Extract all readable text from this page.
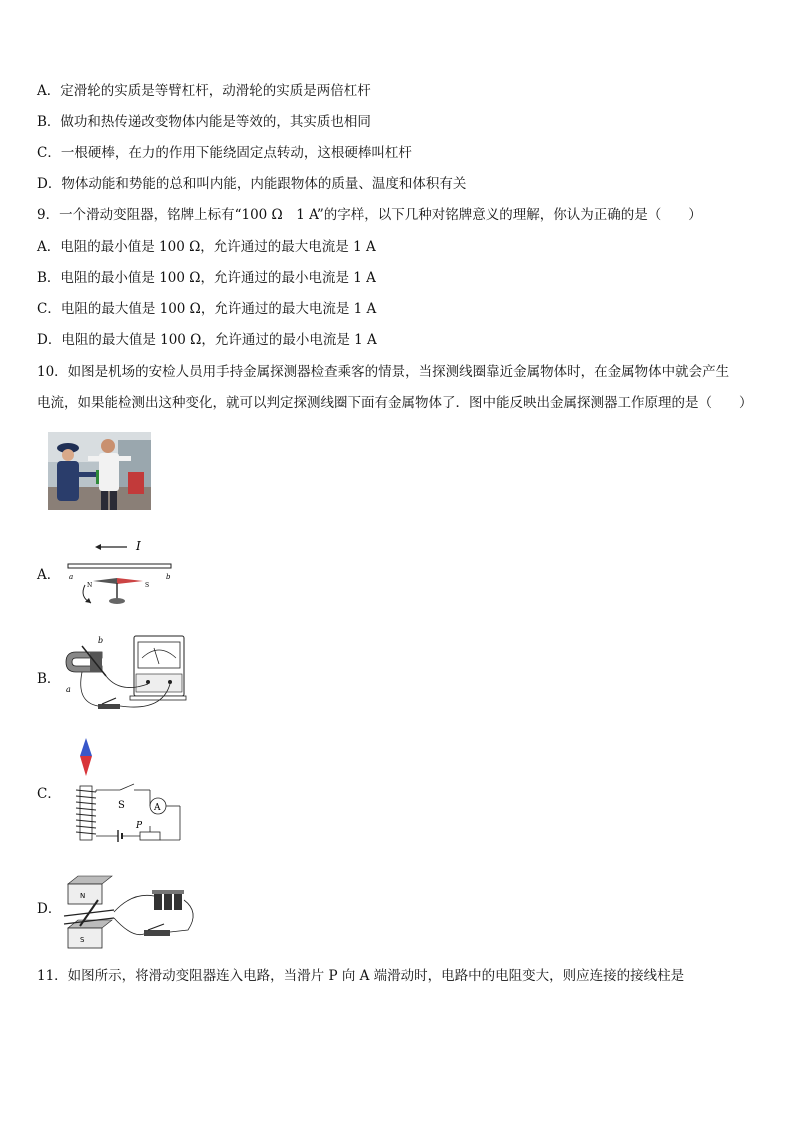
A．定滑轮的实质是等臂杠杆，动滑轮的实质是两倍杠杆
B．做功和热传递改变物体内能是等效的，其实质也相同
C．一根硬棒，在力的作用下能绕固定点转动，这根硬棒叫杠杆
D．物体动能和势能的总和叫内能，内能跟物体的质量、温度和体积有关
9．一个滑动变阻器，铭牌上标有“100 Ω　1 A”的字样，以下几种对铭牌意义的理解，你认为正确的是（　　）
A．电阻的最小值是 100 Ω，允许通过的最大电流是 1 A
B．电阻的最小值是 100 Ω，允许通过的最小电流是 1 A
C．电阻的最大值是 100 Ω，允许通过的最大电流是 1 A
D．电阻的最大值是 100 Ω，允许通过的最小电流是 1 A
10．如图是机场的安检人员用手持金属探测器检查乘客的情景，当探测线圈靠近金属物体时，在金属物体中就会产生
电流，如果能检测出这种变化，就可以判定探测线圈下面有金属物体了．图中能反映出金属探测器工作原理的是（　　）
A．
I
a	b
N	S
B．
b
a
C．
S	A
P
D．
N
S
11．如图所示，将滑动变阻器连入电路，当滑片 P 向 A 端滑动时，电路中的电阻变大，则应连接的接线柱是
